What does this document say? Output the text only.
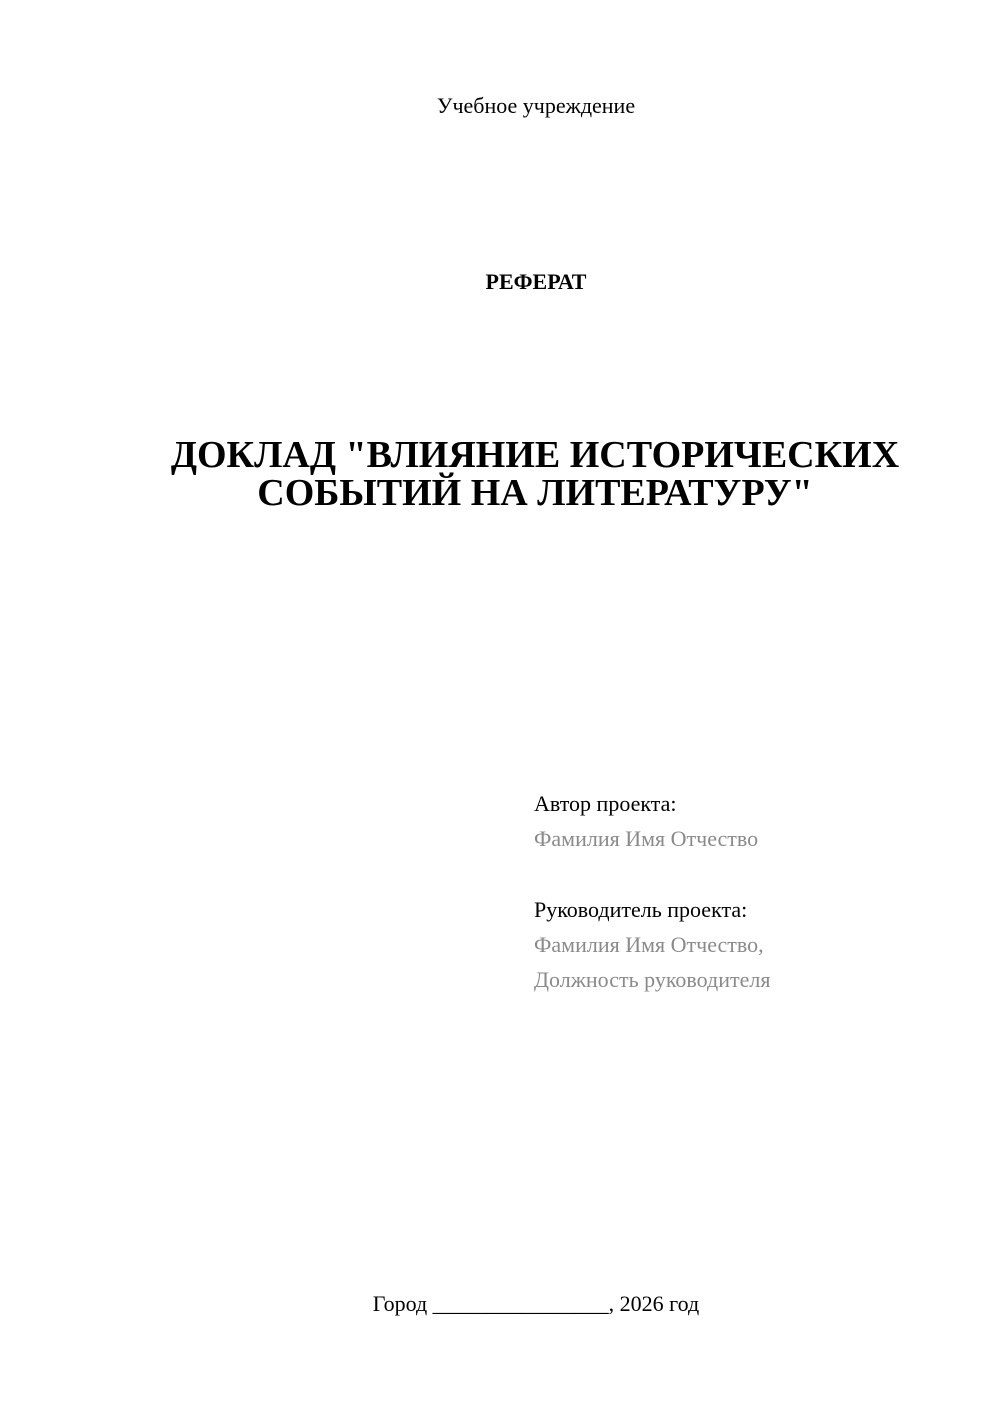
Учебное учреждение
РЕФЕРАТ
ДОКЛАД "ВЛИЯНИЕ ИСТОРИЧЕСКИХ
СОБЫТИЙ НА ЛИТЕРАТУРУ"
Автор проекта:
Фамилия Имя Отчество
Руководитель проекта:
Фамилия Имя Отчество,
Должность руководителя
Город ________________, 2026 год
